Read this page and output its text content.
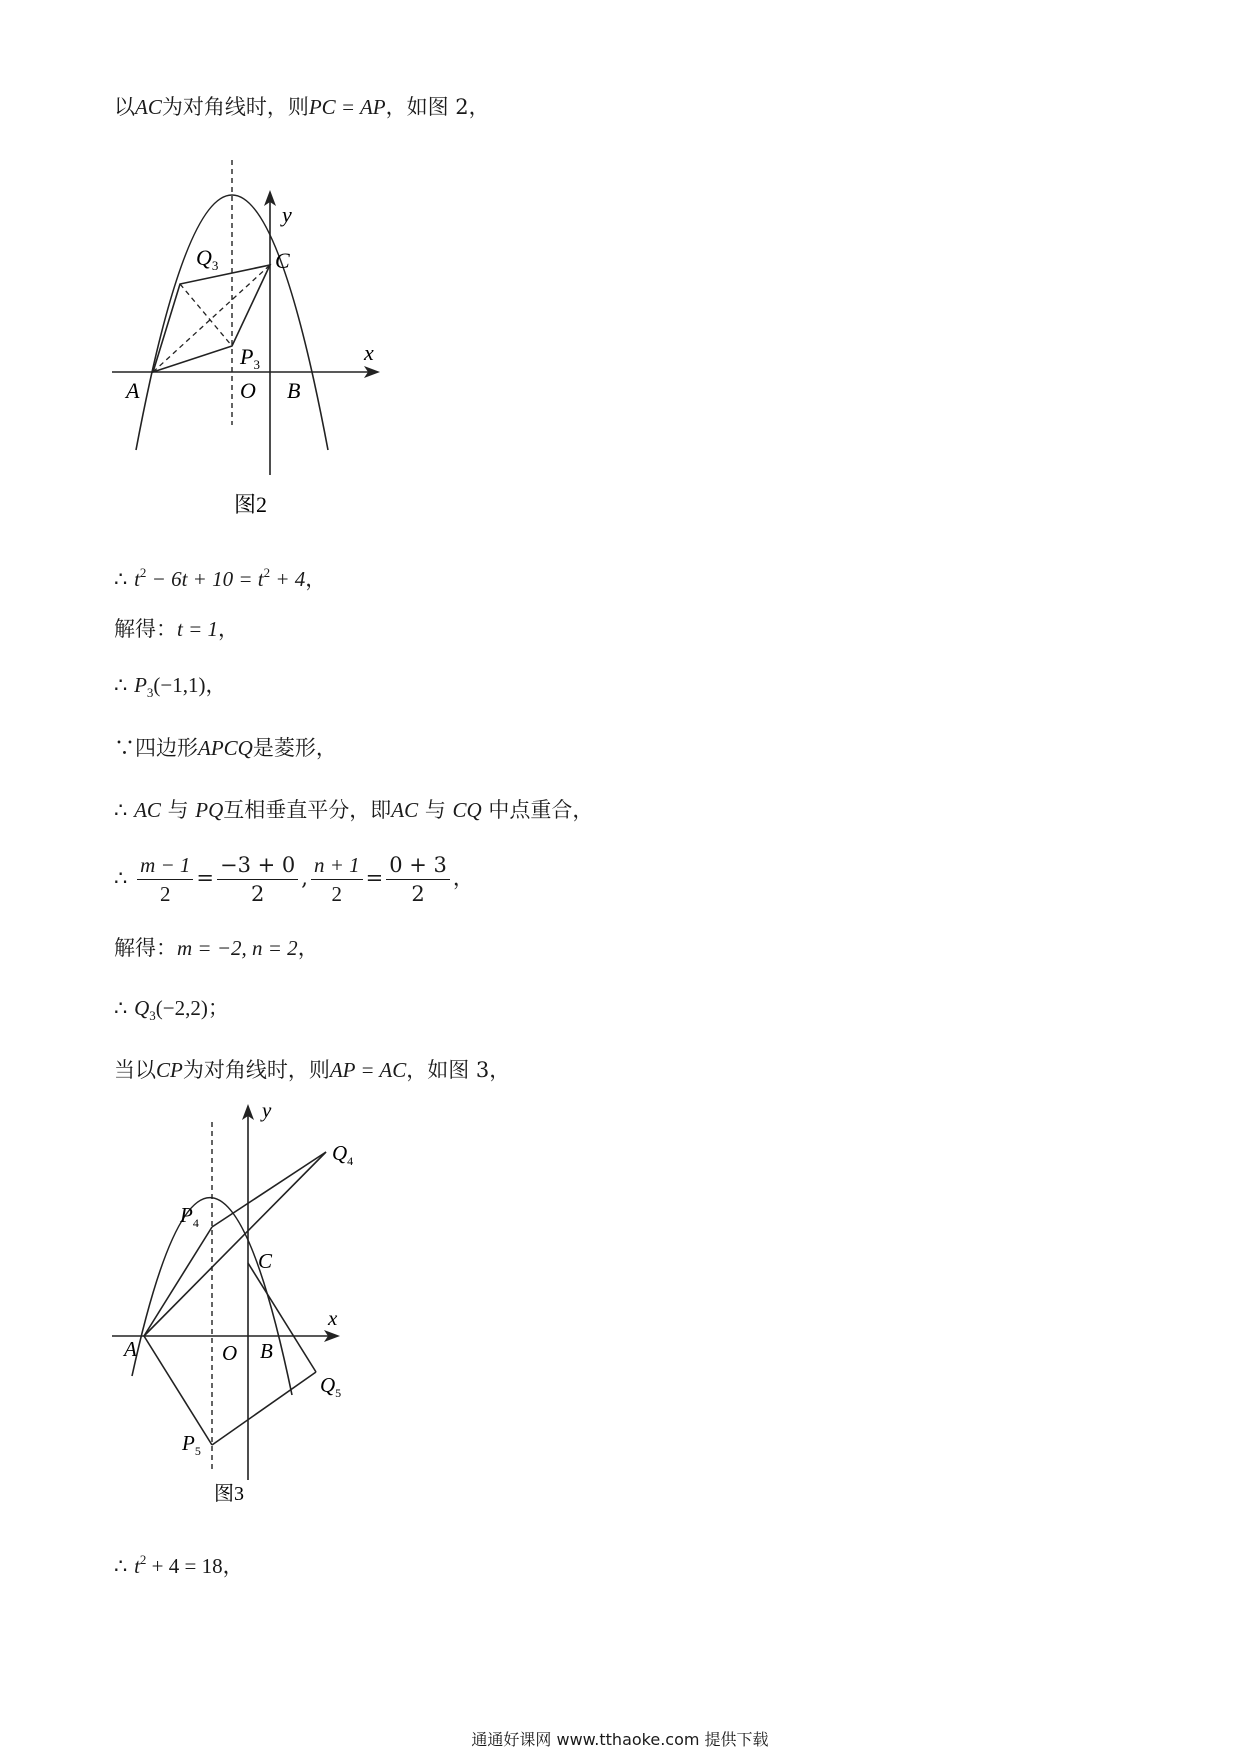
以AC为对角线时，则PC = AP，如图 2，
y
x
C
$Q_3$
$P_3$
A	O B
图2
∴ $t^2 - 6t + 10 = t^2 + 4$，
解得：t = 1，
∴ $P_3(-1,1)$，
∵四边形APCQ是菱形，
∴ AC 与 PQ互相垂直平分，即AC 与 CQ 中点重合，
∴ $\frac{m - 1}{2} = \frac{-3 + 0}{2}$ , $\frac{n + 1}{2} = \frac{0 + 3}{2}$ ，
解得：m = −2, n = 2，
∴ $Q_3(-2,2)$；
当以CP为对角线时，则AP = AC，如图 3，
y
x
$Q_4$
$P_4$
C
A	O B
$Q_5$
$P_5$
图3
∴ $t^2 + 4 = 18$，
通通好课网 www.tthaoke.com 提供下载
